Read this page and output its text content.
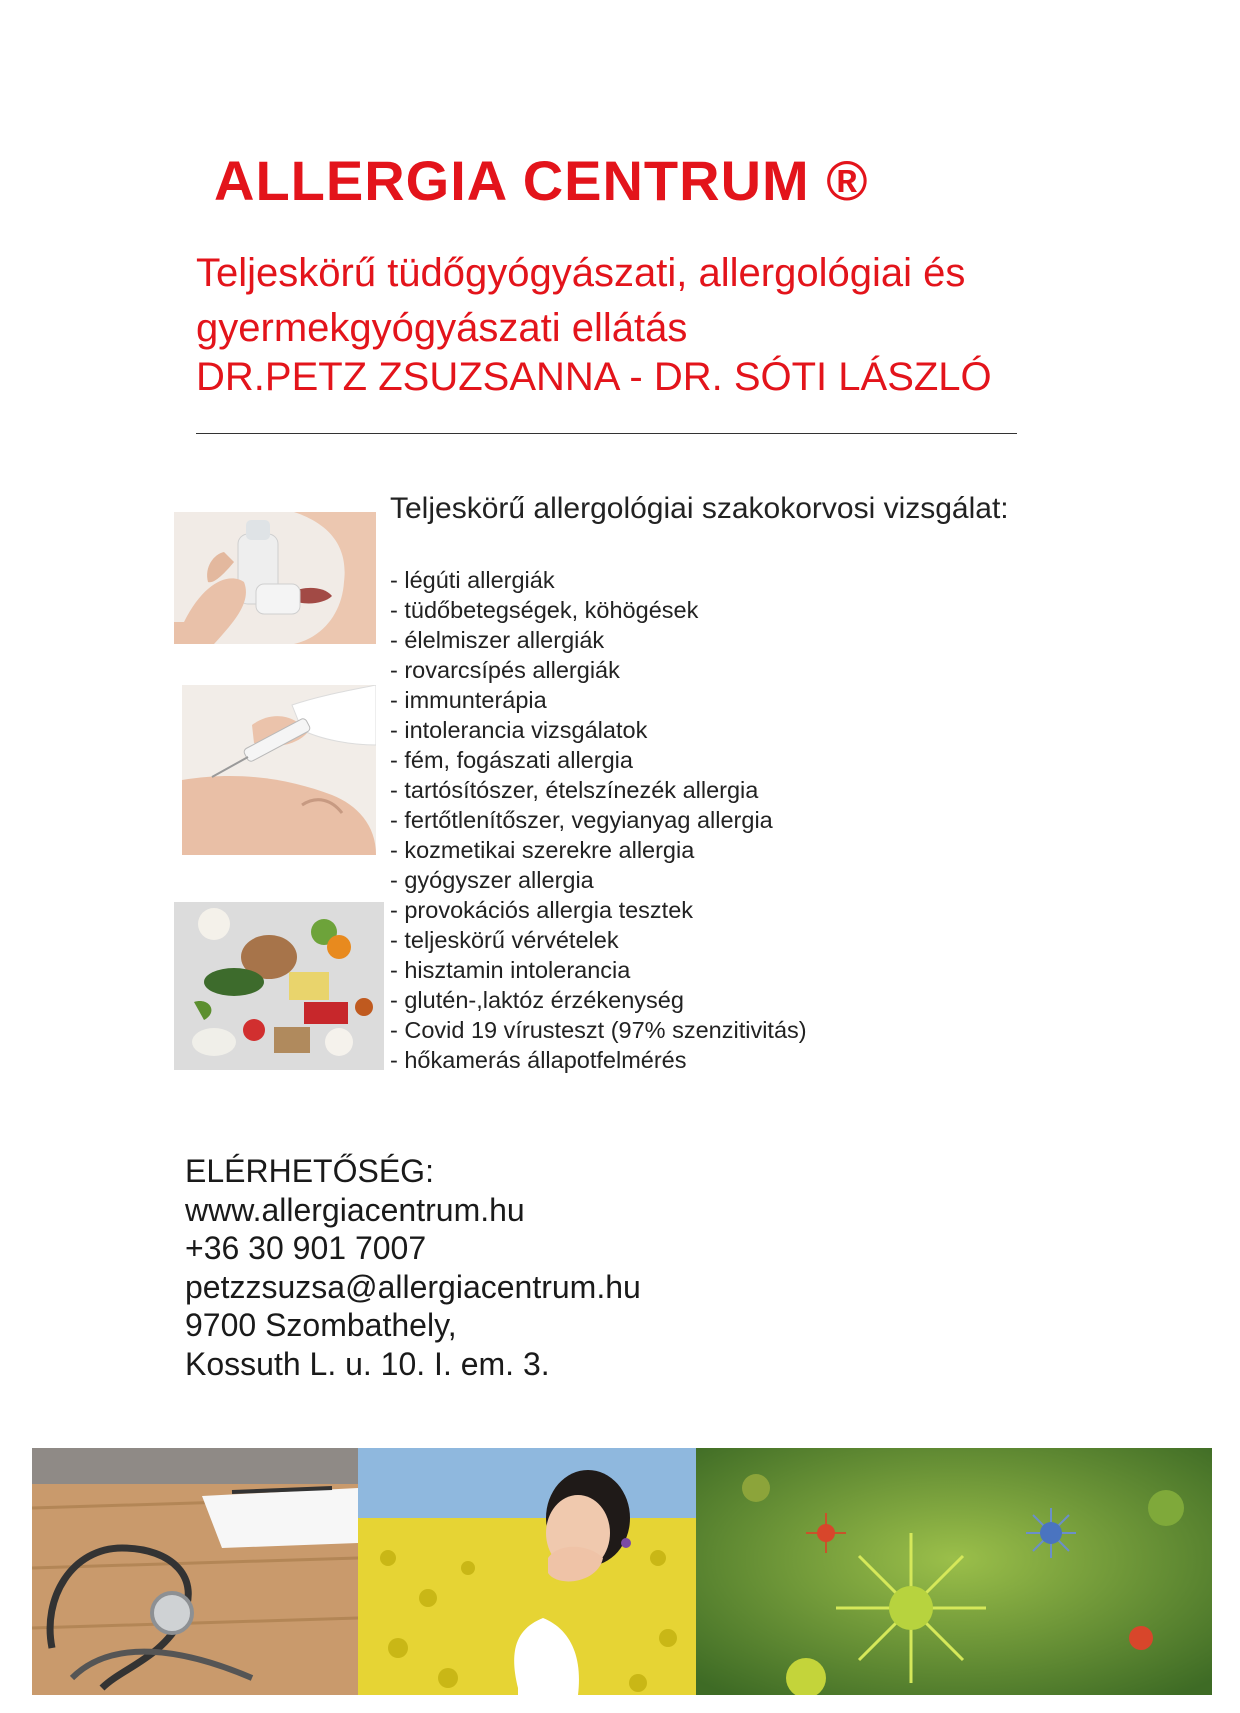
ALLERGIA CENTRUM ®
Teljeskörű tüdőgyógyászati, allergológiai és gyermekgyógyászati ellátás
DR.PETZ ZSUZSANNA - DR. SÓTI LÁSZLÓ
Teljeskörű allergológiai szakokorvosi vizsgálat:
- légúti allergiák
- tüdőbetegségek, köhögések
- élelmiszer allergiák
- rovarcsípés allergiák
- immunterápia
- intolerancia vizsgálatok
- fém, fogászati allergia
- tartósítószer, ételszínezék allergia
- fertőtlenítőszer, vegyianyag allergia
- kozmetikai szerekre allergia
- gyógyszer allergia
- provokációs allergia tesztek
- teljeskörű vérvételek
- hisztamin intolerancia
- glutén-,laktóz érzékenység
- Covid 19 vírusteszt (97% szenzitivitás)
- hőkamerás állapotfelmérés
ELÉRHETŐSÉG:
www.allergiacentrum.hu
+36 30 901 7007
petzzsuzsa@allergiacentrum.hu
9700 Szombathely,
Kossuth L. u. 10. I. em. 3.
